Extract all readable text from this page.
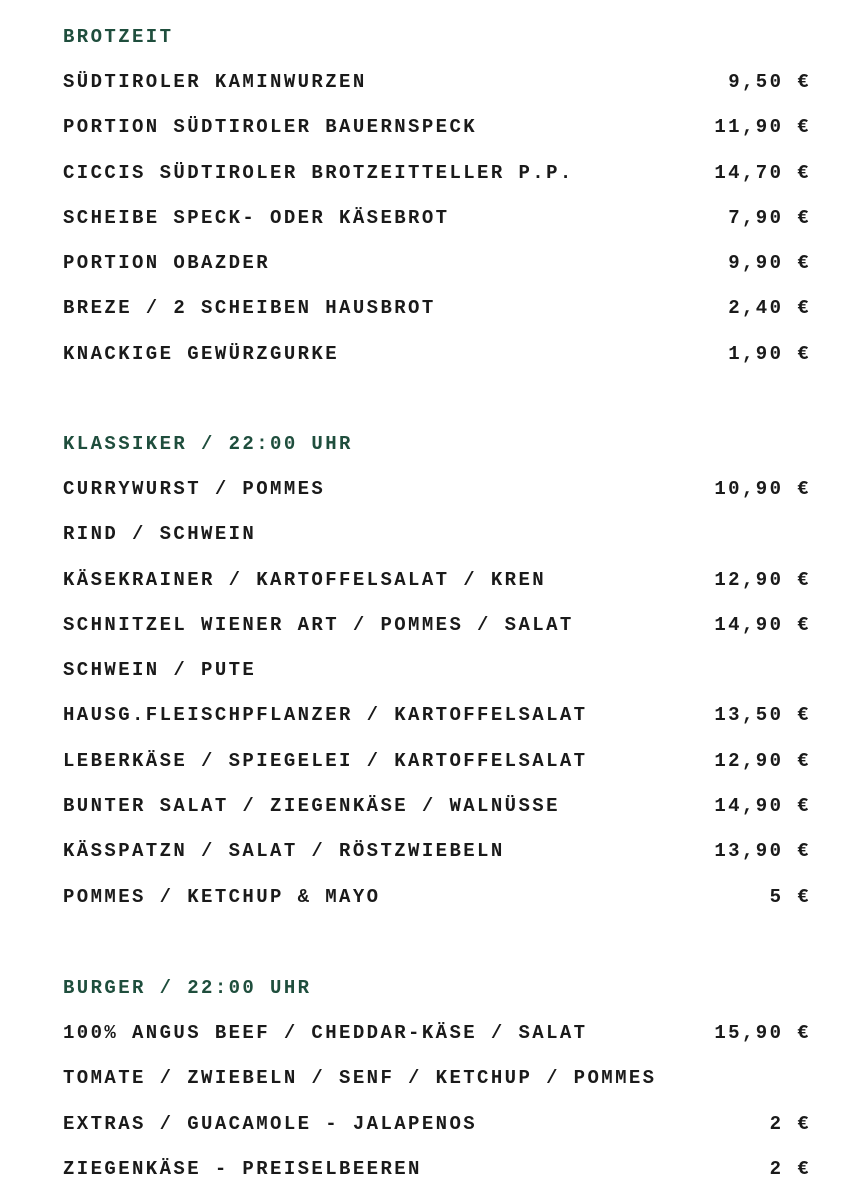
BROTZEIT
SÜDTIROLER KAMINWURZEN	9,50 €
PORTION SÜDTIROLER BAUERNSPECK	11,90 €
CICCIS SÜDTIROLER BROTZEITTELLER P.P.	14,70 €
SCHEIBE SPECK- ODER KÄSEBROT	7,90 €
PORTION OBAZDER	9,90 €
BREZE / 2 SCHEIBEN HAUSBROT	2,40 €
KNACKIGE GEWÜRZGURKE	1,90 €
KLASSIKER / 22:00 UHR
CURRYWURST / POMMES	10,90 €
RIND / SCHWEIN
KÄSEKRAINER / KARTOFFELSALAT / KREN	12,90 €
SCHNITZEL WIENER ART / POMMES / SALAT	14,90 €
SCHWEIN / PUTE
HAUSG.FLEISCHPFLANZER / KARTOFFELSALAT	13,50 €
LEBERKÄSE / SPIEGELEI / KARTOFFELSALAT	12,90 €
BUNTER SALAT / ZIEGENKÄSE / WALNÜSSE	14,90 €
KÄSSPATZN / SALAT / RÖSTZWIEBELN	13,90 €
POMMES / KETCHUP & MAYO	5 €
BURGER / 22:00 UHR
100% ANGUS BEEF / CHEDDAR-KÄSE / SALAT	15,90 €
TOMATE / ZWIEBELN / SENF / KETCHUP / POMMES
EXTRAS / GUACAMOLE - JALAPENOS	2 €
ZIEGENKÄSE - PREISELBEEREN	2 €
